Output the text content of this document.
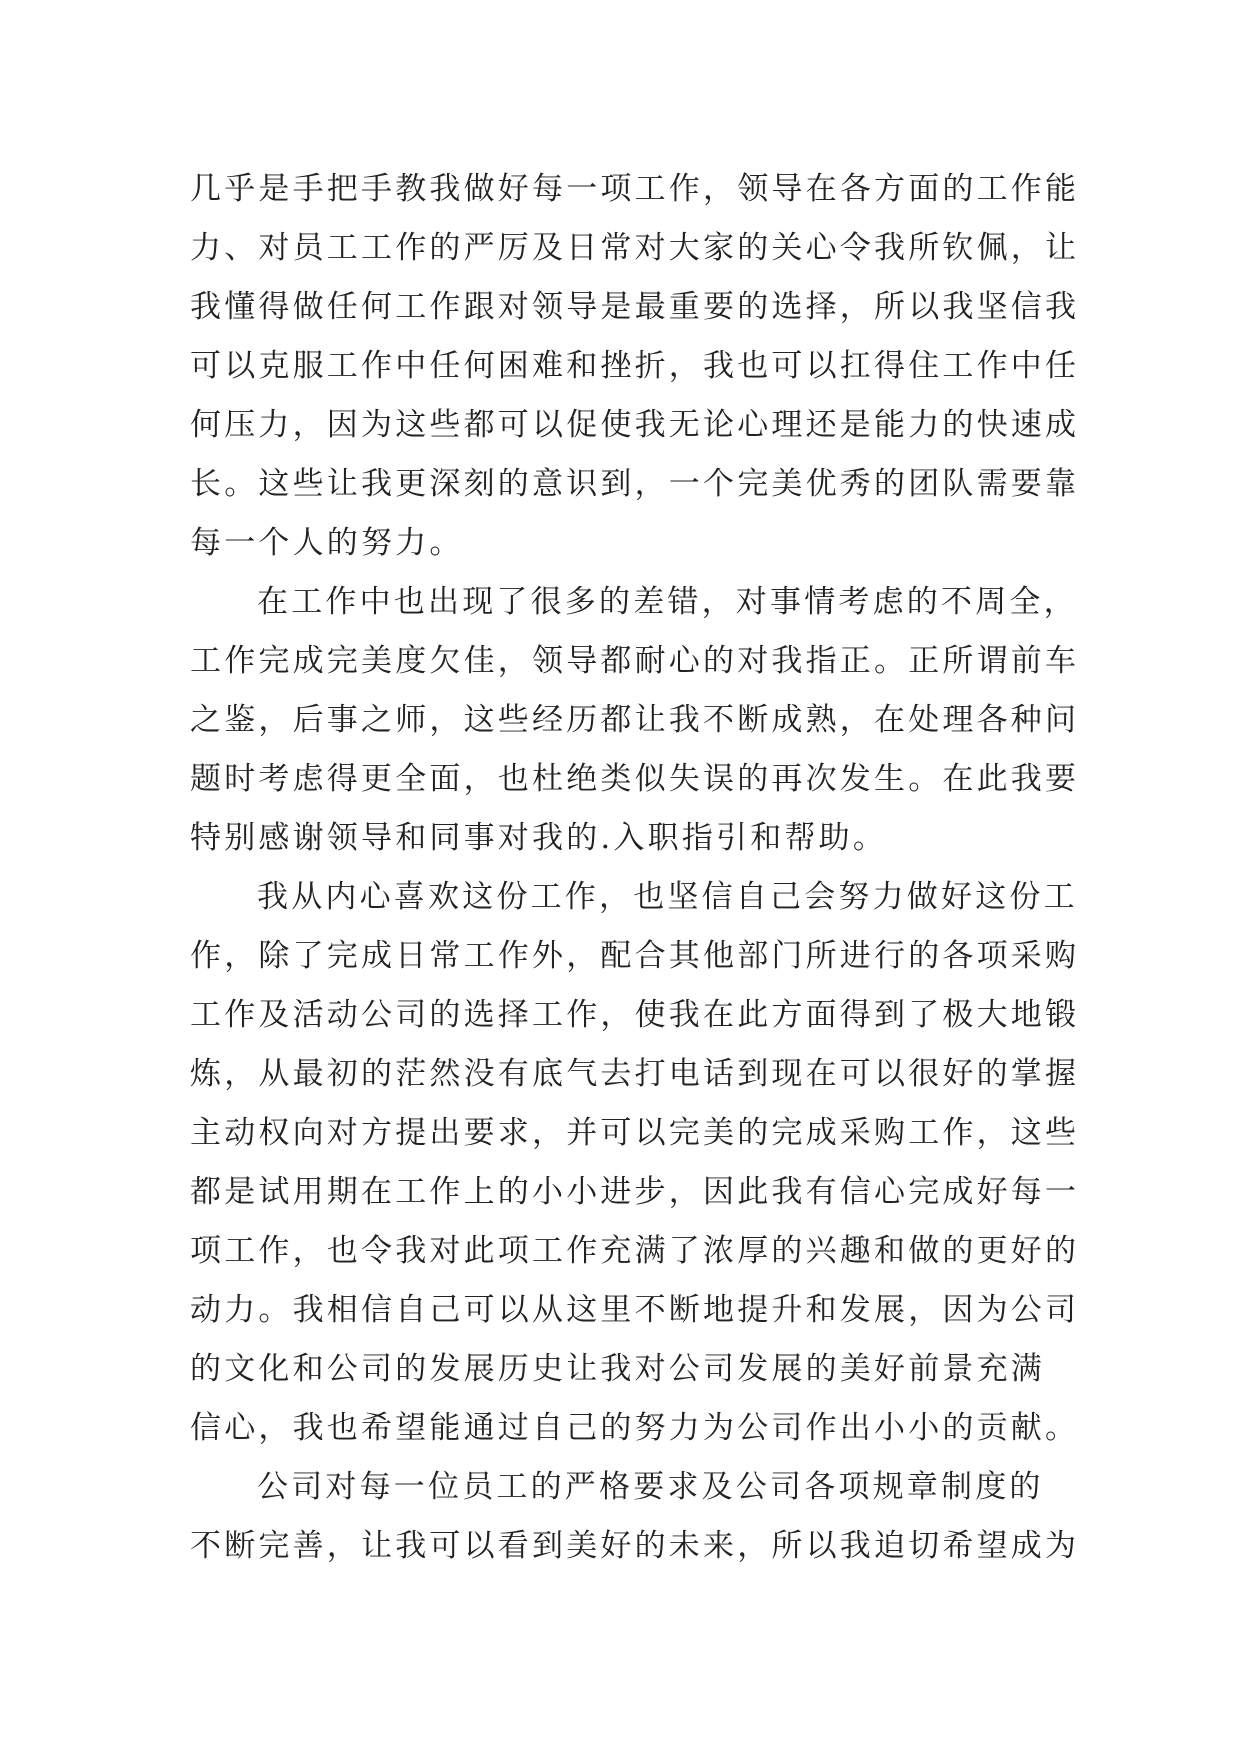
几乎是手把手教我做好每一项工作，领导在各方面的工作能
力、对员工工作的严厉及日常对大家的关心令我所钦佩，让
我懂得做任何工作跟对领导是最重要的选择，所以我坚信我
可以克服工作中任何困难和挫折，我也可以扛得住工作中任
何压力，因为这些都可以促使我无论心理还是能力的快速成
长。这些让我更深刻的意识到，一个完美优秀的团队需要靠
每一个人的努力。
在工作中也出现了很多的差错，对事情考虑的不周全，
工作完成完美度欠佳，领导都耐心的对我指正。正所谓前车
之鉴，后事之师，这些经历都让我不断成熟，在处理各种问
题时考虑得更全面，也杜绝类似失误的再次发生。在此我要
特别感谢领导和同事对我的.入职指引和帮助。
我从内心喜欢这份工作，也坚信自己会努力做好这份工
作，除了完成日常工作外，配合其他部门所进行的各项采购
工作及活动公司的选择工作，使我在此方面得到了极大地锻
炼，从最初的茫然没有底气去打电话到现在可以很好的掌握
主动权向对方提出要求，并可以完美的完成采购工作，这些
都是试用期在工作上的小小进步，因此我有信心完成好每一
项工作，也令我对此项工作充满了浓厚的兴趣和做的更好的
动力。我相信自己可以从这里不断地提升和发展，因为公司
的文化和公司的发展历史让我对公司发展的美好前景充满
信心，我也希望能通过自己的努力为公司作出小小的贡献。
公司对每一位员工的严格要求及公司各项规章制度的
不断完善，让我可以看到美好的未来，所以我迫切希望成为
